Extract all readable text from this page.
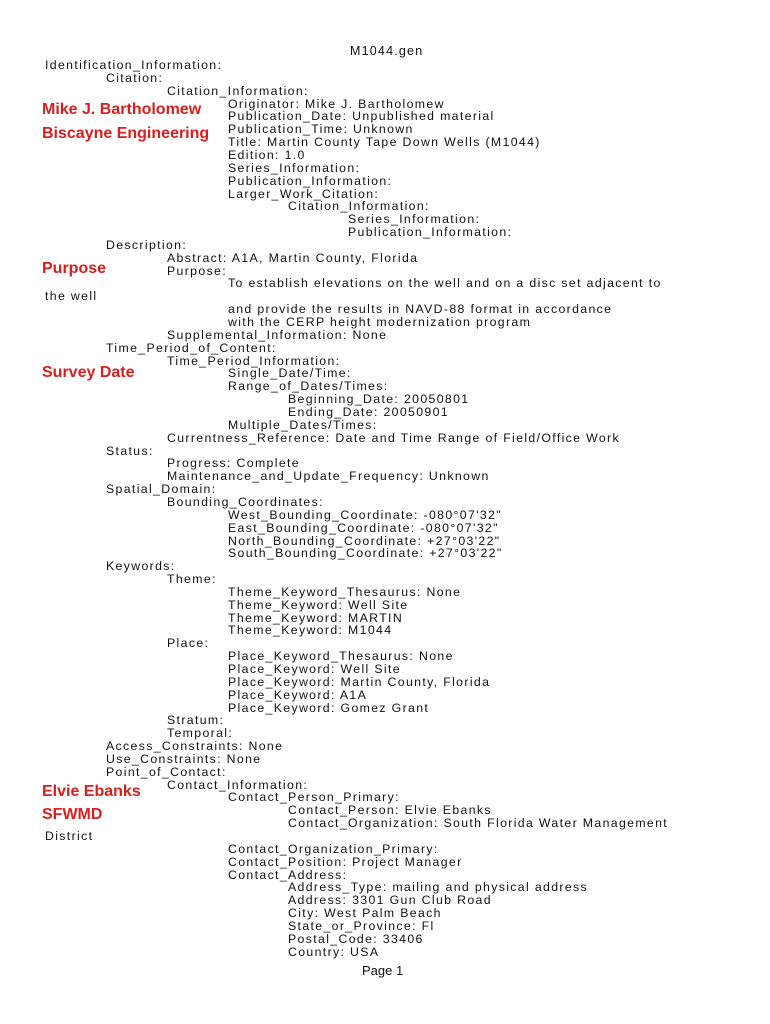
M1044.gen
Identification_Information:
Citation:
Citation_Information:
Originator: Mike J. Bartholomew
Publication_Date: Unpublished material
Publication_Time: Unknown
Title: Martin County Tape Down Wells (M1044)
Edition: 1.0
Series_Information:
Publication_Information:
Larger_Work_Citation:
Citation_Information:
Series_Information:
Publication_Information:
Description:
Abstract: A1A, Martin County, Florida
Purpose:
To establish elevations on the well and on a disc set adjacent to
the well
and provide the results in NAVD-88 format in accordance
with the CERP height modernization program
Supplemental_Information: None
Time_Period_of_Content:
Time_Period_Information:
Single_Date/Time:
Range_of_Dates/Times:
Beginning_Date: 20050801
Ending_Date: 20050901
Multiple_Dates/Times:
Currentness_Reference: Date and Time Range of Field/Office Work
Status:
Progress: Complete
Maintenance_and_Update_Frequency: Unknown
Spatial_Domain:
Bounding_Coordinates:
West_Bounding_Coordinate: -080°07'32"
East_Bounding_Coordinate: -080°07'32"
North_Bounding_Coordinate: +27°03'22"
South_Bounding_Coordinate: +27°03'22"
Keywords:
Theme:
Theme_Keyword_Thesaurus: None
Theme_Keyword: Well Site
Theme_Keyword: MARTIN
Theme_Keyword: M1044
Place:
Place_Keyword_Thesaurus: None
Place_Keyword: Well Site
Place_Keyword: Martin County, Florida
Place_Keyword: A1A
Place_Keyword: Gomez Grant
Stratum:
Temporal:
Access_Constraints: None
Use_Constraints: None
Point_of_Contact:
Contact_Information:
Contact_Person_Primary:
Contact_Person: Elvie Ebanks
Contact_Organization: South Florida Water Management
District
Contact_Organization_Primary:
Contact_Position: Project Manager
Contact_Address:
Address_Type: mailing and physical address
Address: 3301 Gun Club Road
City: West Palm Beach
State_or_Province: Fl
Postal_Code: 33406
Country: USA
Mike J. Bartholomew
Biscayne Engineering
Purpose
Survey Date
Elvie Ebanks
SFWMD
Page 1
